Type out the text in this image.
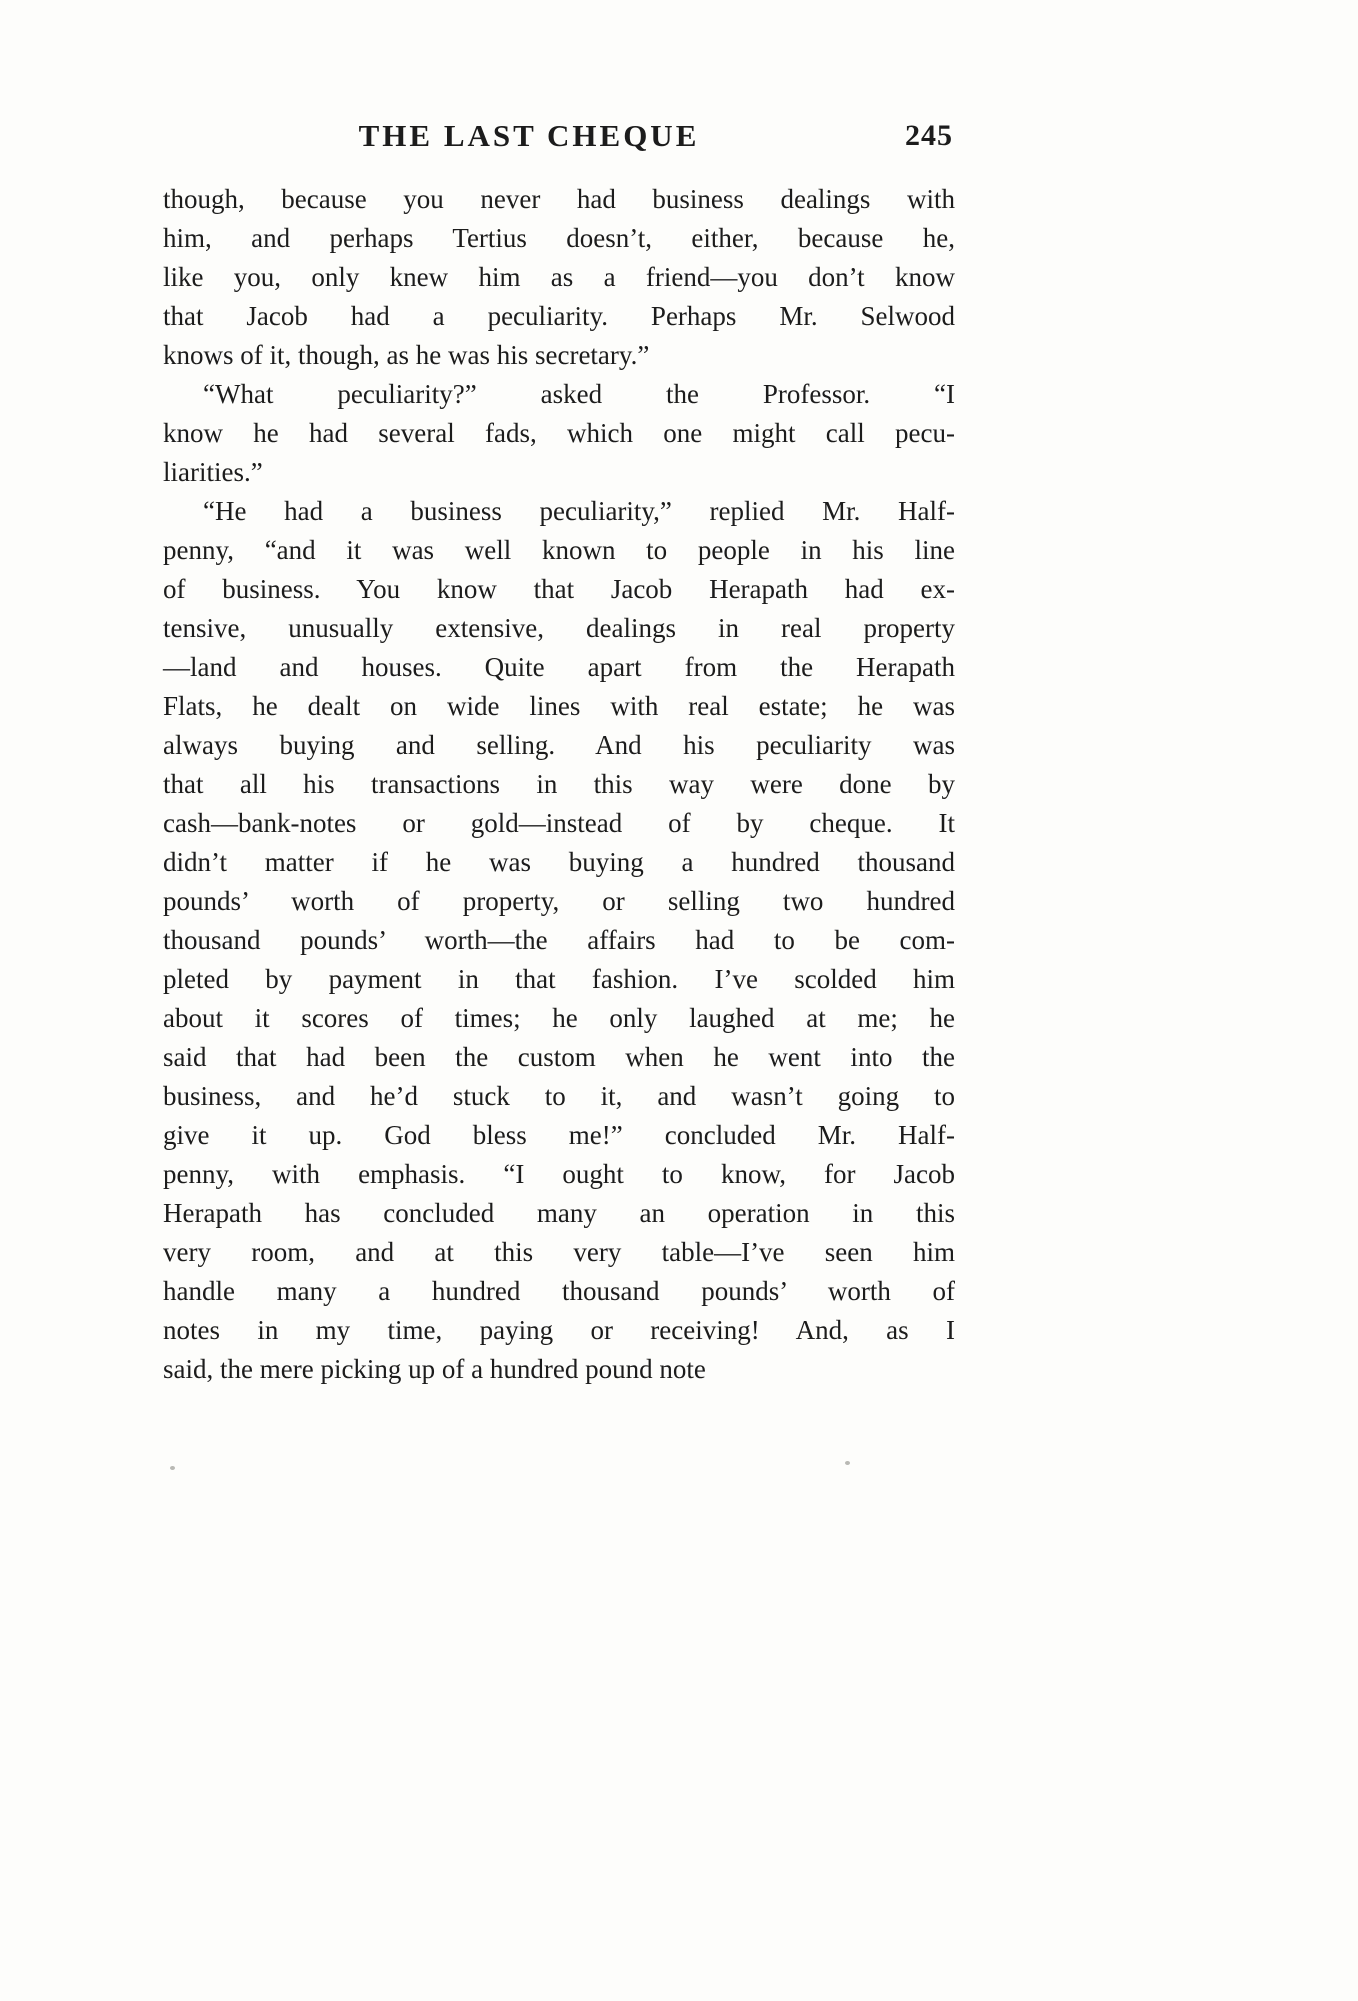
THE LAST CHEQUE	245
though, because you never had business dealings with
him, and perhaps Tertius doesn’t, either, because he,
like you, only knew him as a friend—you don’t know
that Jacob had a peculiarity. Perhaps Mr. Selwood
knows of it, though, as he was his secretary.”
“What peculiarity?” asked the Professor. “I
know he had several fads, which one might call pecu-
liarities.”
“He had a business peculiarity,” replied Mr. Half-
penny, “and it was well known to people in his line
of business. You know that Jacob Herapath had ex-
tensive, unusually extensive, dealings in real property
—land and houses. Quite apart from the Herapath
Flats, he dealt on wide lines with real estate; he was
always buying and selling. And his peculiarity was
that all his transactions in this way were done by
cash—bank-notes or gold—instead of by cheque. It
didn’t matter if he was buying a hundred thousand
pounds’ worth of property, or selling two hundred
thousand pounds’ worth—the affairs had to be com-
pleted by payment in that fashion. I’ve scolded him
about it scores of times; he only laughed at me; he
said that had been the custom when he went into the
business, and he’d stuck to it, and wasn’t going to
give it up. God bless me!” concluded Mr. Half-
penny, with emphasis. “I ought to know, for Jacob
Herapath has concluded many an operation in this
very room, and at this very table—I’ve seen him
handle many a hundred thousand pounds’ worth of
notes in my time, paying or receiving! And, as I
said, the mere picking up of a hundred pound note
